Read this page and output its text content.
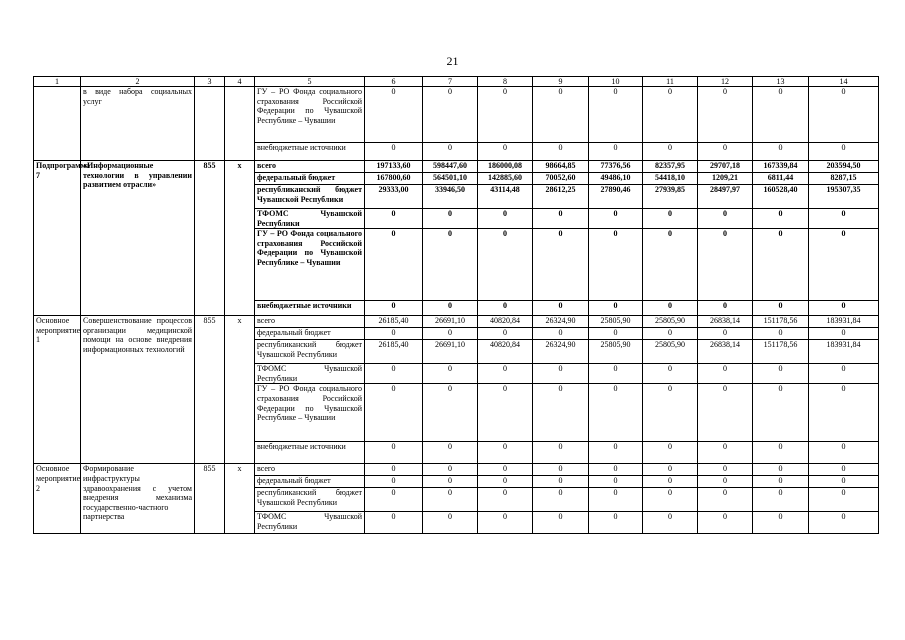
21
1	2	3	4	5	6	7	8	9	10	11	12	13	14
	в виде набора социальных услуг			ГУ – РО Фонда социального страхования Российской Федерации по Чувашской Республике – Чувашии	0	0	0	0	0	0	0	0	0
				внебюджетные источники	0	0	0	0	0	0	0	0	0
Подпрограмма 7	«Информационные технологии в управлении развитием отрасли»	855	х	всего	197133,60	598447,60	186000,08	98664,85	77376,56	82357,95	29707,18	167339,84	203594,50
				федеральный бюджет	167800,60	564501,10	142885,60	70052,60	49486,10	54418,10	1209,21	6811,44	8287,15
				республиканский бюджет Чувашской Республики	29333,00	33946,50	43114,48	28612,25	27890,46	27939,85	28497,97	160528,40	195307,35
				ТФОМС Чувашской Республики	0	0	0	0	0	0	0	0	0
				ГУ – РО Фонда социального страхования Российской Федерации по Чувашской Республике – Чувашии	0	0	0	0	0	0	0	0	0
				внебюджетные источники	0	0	0	0	0	0	0	0	0
Основное мероприятие 1	Совершенствование процессов организации медицинской помощи на основе внедрения информационных технологий	855	х	всего	26185,40	26691,10	40820,84	26324,90	25805,90	25805,90	26838,14	151178,56	183931,84
				федеральный бюджет	0	0	0	0	0	0	0	0	0
				республиканский бюджет Чувашской Республики	26185,40	26691,10	40820,84	26324,90	25805,90	25805,90	26838,14	151178,56	183931,84
				ТФОМС Чувашской Республики	0	0	0	0	0	0	0	0	0
				ГУ – РО Фонда социального страхования Российской Федерации по Чувашской Республике – Чувашии	0	0	0	0	0	0	0	0	0
				внебюджетные источники	0	0	0	0	0	0	0	0	0
Основное мероприятие 2	Формирование инфраструктуры здравоохранения с учетом внедрения механизма государственно-частного партнерства	855	х	всего	0	0	0	0	0	0	0	0	0
				федеральный бюджет	0	0	0	0	0	0	0	0	0
				республиканский бюджет Чувашской Республики	0	0	0	0	0	0	0	0	0
				ТФОМС Чувашской Республики	0	0	0	0	0	0	0	0	0
